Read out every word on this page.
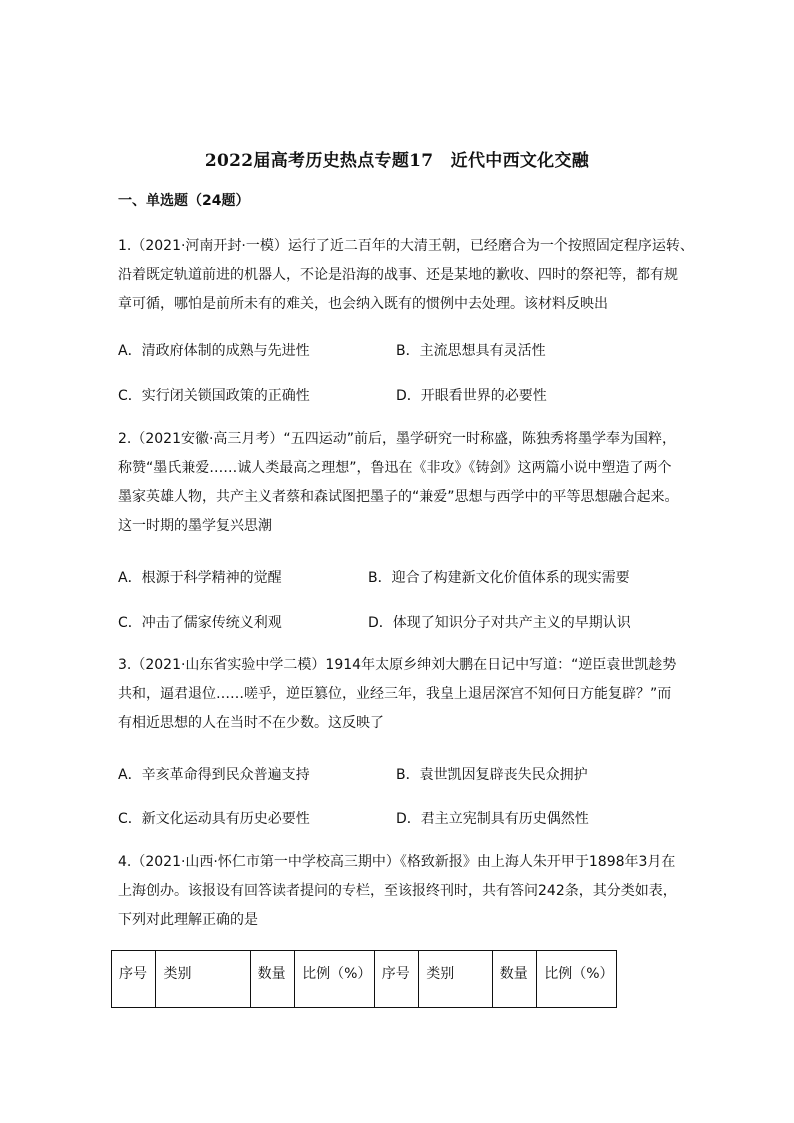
2022届高考历史热点专题17　近代中西文化交融
一、单选题（24题）
1.（2021·河南开封·一模）运行了近二百年的大清王朝，已经磨合为一个按照固定程序运转、
沿着既定轨道前进的机器人，不论是沿海的战事、还是某地的歉收、四时的祭祀等，都有规
章可循，哪怕是前所未有的难关，也会纳入既有的惯例中去处理。该材料反映出
A．清政府体制的成熟与先进性	B．主流思想具有灵活性
C．实行闭关锁国政策的正确性	D．开眼看世界的必要性
2.（2021安徽·高三月考）“五四运动”前后，墨学研究一时称盛，陈独秀将墨学奉为国粹，
称赞“墨氏兼爱……诚人类最高之理想”，鲁迅在《非攻》《铸剑》这两篇小说中塑造了两个
墨家英雄人物，共产主义者蔡和森试图把墨子的“兼爱”思想与西学中的平等思想融合起来。
这一时期的墨学复兴思潮
A．根源于科学精神的觉醒	B．迎合了构建新文化价值体系的现实需要
C．冲击了儒家传统义利观	D．体现了知识分子对共产主义的早期认识
3.（2021·山东省实验中学二模）1914年太原乡绅刘大鹏在日记中写道：“逆臣袁世凯趁势
共和，逼君退位……嗟乎，逆臣篡位，业经三年，我皇上退居深宫不知何日方能复辟？”而
有相近思想的人在当时不在少数。这反映了
A．辛亥革命得到民众普遍支持	B．袁世凯因复辟丧失民众拥护
C．新文化运动具有历史必要性	D．君主立宪制具有历史偶然性
4.（2021·山西·怀仁市第一中学校高三期中）《格致新报》由上海人朱开甲于1898年3月在
上海创办。该报设有回答读者提问的专栏，至该报终刊时，共有答问242条，其分类如表，
下列对此理解正确的是
序号	类别	数量	比例（%）	序号	类别	数量	比例（%）
